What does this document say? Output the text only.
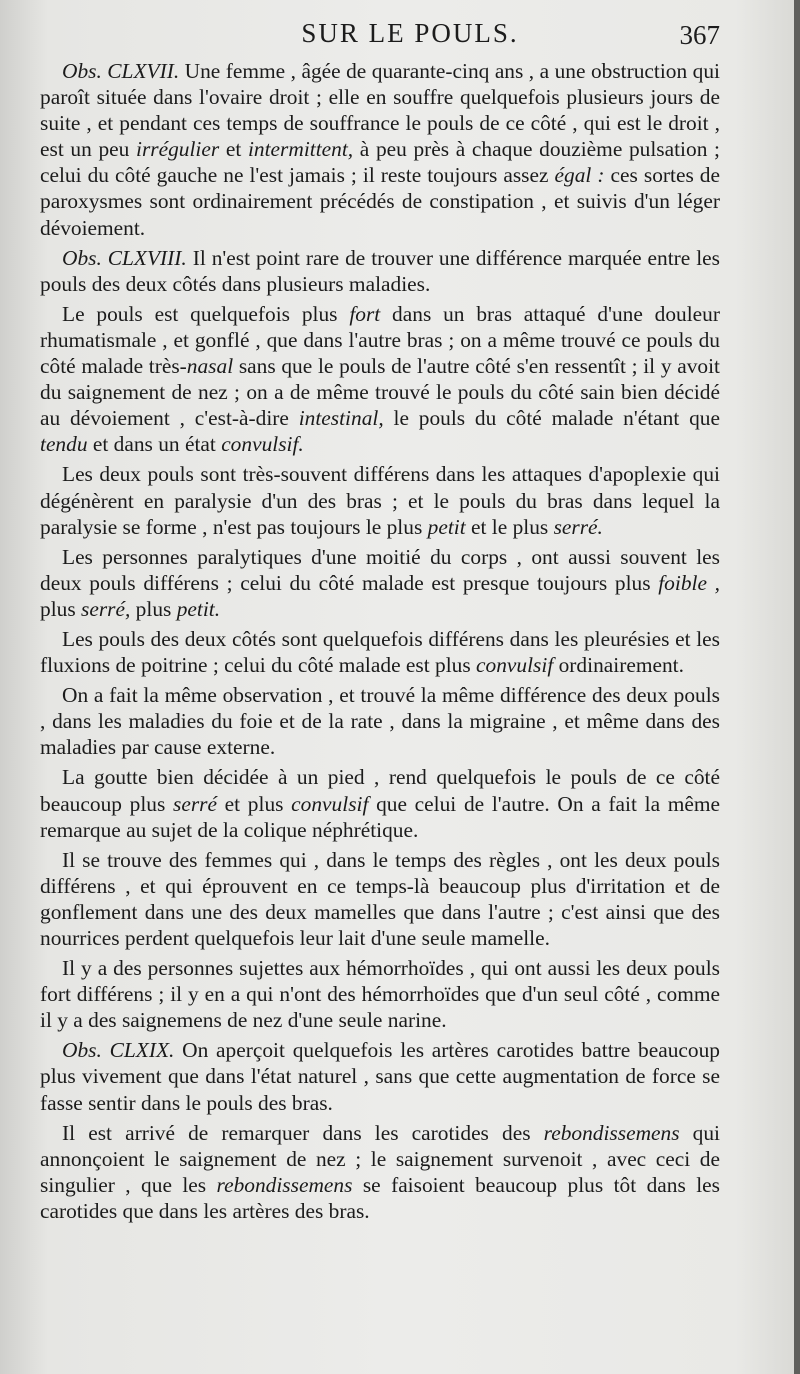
SUR LE POULS.	367

Obs. CLXVII. Une femme , âgée de quarante-cinq ans , a une obstruction qui paroît située dans l'ovaire droit ; elle en souffre quelquefois plusieurs jours de suite , et pendant ces temps de souffrance le pouls de ce côté , qui est le droit , est un peu irrégulier et intermittent, à peu près à chaque douzième pulsation ; celui du côté gauche ne l'est jamais ; il reste toujours assez égal : ces sortes de paroxysmes sont ordinairement précédés de constipation , et suivis d'un léger dévoiement.

Obs. CLXVIII. Il n'est point rare de trouver une différence marquée entre les pouls des deux côtés dans plusieurs maladies.

Le pouls est quelquefois plus fort dans un bras attaqué d'une douleur rhumatismale , et gonflé , que dans l'autre bras ; on a même trouvé ce pouls du côté malade très-nasal sans que le pouls de l'autre côté s'en ressentît ; il y avoit du saignement de nez ; on a de même trouvé le pouls du côté sain bien décidé au dévoiement , c'est-à-dire intestinal, le pouls du côté malade n'étant que tendu et dans un état convulsif.

Les deux pouls sont très-souvent différens dans les attaques d'apoplexie qui dégénèrent en paralysie d'un des bras ; et le pouls du bras dans lequel la paralysie se forme , n'est pas toujours le plus petit et le plus serré.

Les personnes paralytiques d'une moitié du corps , ont aussi souvent les deux pouls différens ; celui du côté malade est presque toujours plus foible , plus serré, plus petit.

Les pouls des deux côtés sont quelquefois différens dans les pleurésies et les fluxions de poitrine ; celui du côté malade est plus convulsif ordinairement.

On a fait la même observation , et trouvé la même différence des deux pouls , dans les maladies du foie et de la rate , dans la migraine , et même dans des maladies par cause externe.

La goutte bien décidée à un pied , rend quelquefois le pouls de ce côté beaucoup plus serré et plus convulsif que celui de l'autre. On a fait la même remarque au sujet de la colique néphrétique.

Il se trouve des femmes qui , dans le temps des règles , ont les deux pouls différens , et qui éprouvent en ce temps-là beaucoup plus d'irritation et de gonflement dans une des deux mamelles que dans l'autre ; c'est ainsi que des nourrices perdent quelquefois leur lait d'une seule mamelle.

Il y a des personnes sujettes aux hémorrhoïdes , qui ont aussi les deux pouls fort différens ; il y en a qui n'ont des hémorrhoïdes que d'un seul côté , comme il y a des saignemens de nez d'une seule narine.

Obs. CLXIX. On aperçoit quelquefois les artères carotides battre beaucoup plus vivement que dans l'état naturel , sans que cette augmentation de force se fasse sentir dans le pouls des bras.

Il est arrivé de remarquer dans les carotides des rebondissemens qui annonçoient le saignement de nez ; le saignement survenoit , avec ceci de singulier , que les rebondissemens se faisoient beaucoup plus tôt dans les carotides que dans les artères des bras.
